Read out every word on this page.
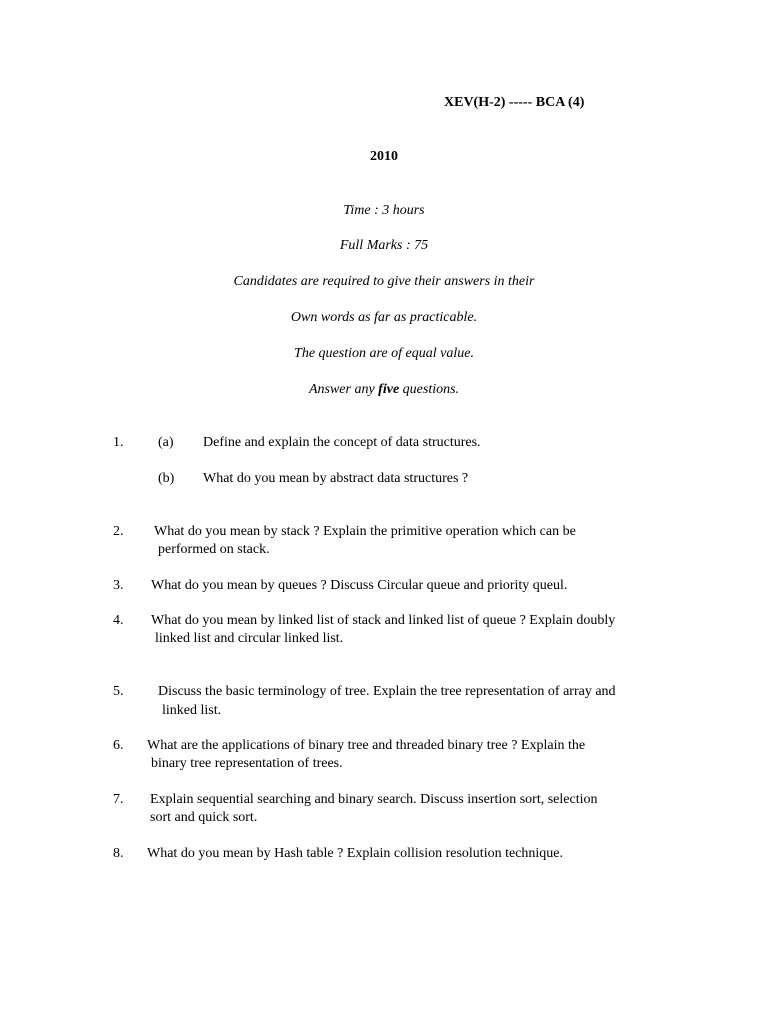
XEV(H-2) ----- BCA (4)
2010
Time : 3 hours
Full Marks : 75
Candidates are required to give their answers in their
Own words as far as practicable.
The question are of equal value.
Answer any five questions.
1. (a) Define and explain the concept of data structures.
(b) What do you mean by abstract data structures ?
2. What do you mean by stack ? Explain the primitive operation which can be
performed on stack.
3. What do you mean by queues ? Discuss Circular queue and priority queul.
4. What do you mean by linked list of stack and linked list of queue ? Explain doubly
linked list and circular linked list.
5. Discuss the basic terminology of tree. Explain the tree representation of array and
linked list.
6. What are the applications of binary tree and threaded binary tree ? Explain the
binary tree representation of trees.
7. Explain sequential searching and binary search. Discuss insertion sort, selection
sort and quick sort.
8. What do you mean by Hash table ? Explain collision resolution technique.
